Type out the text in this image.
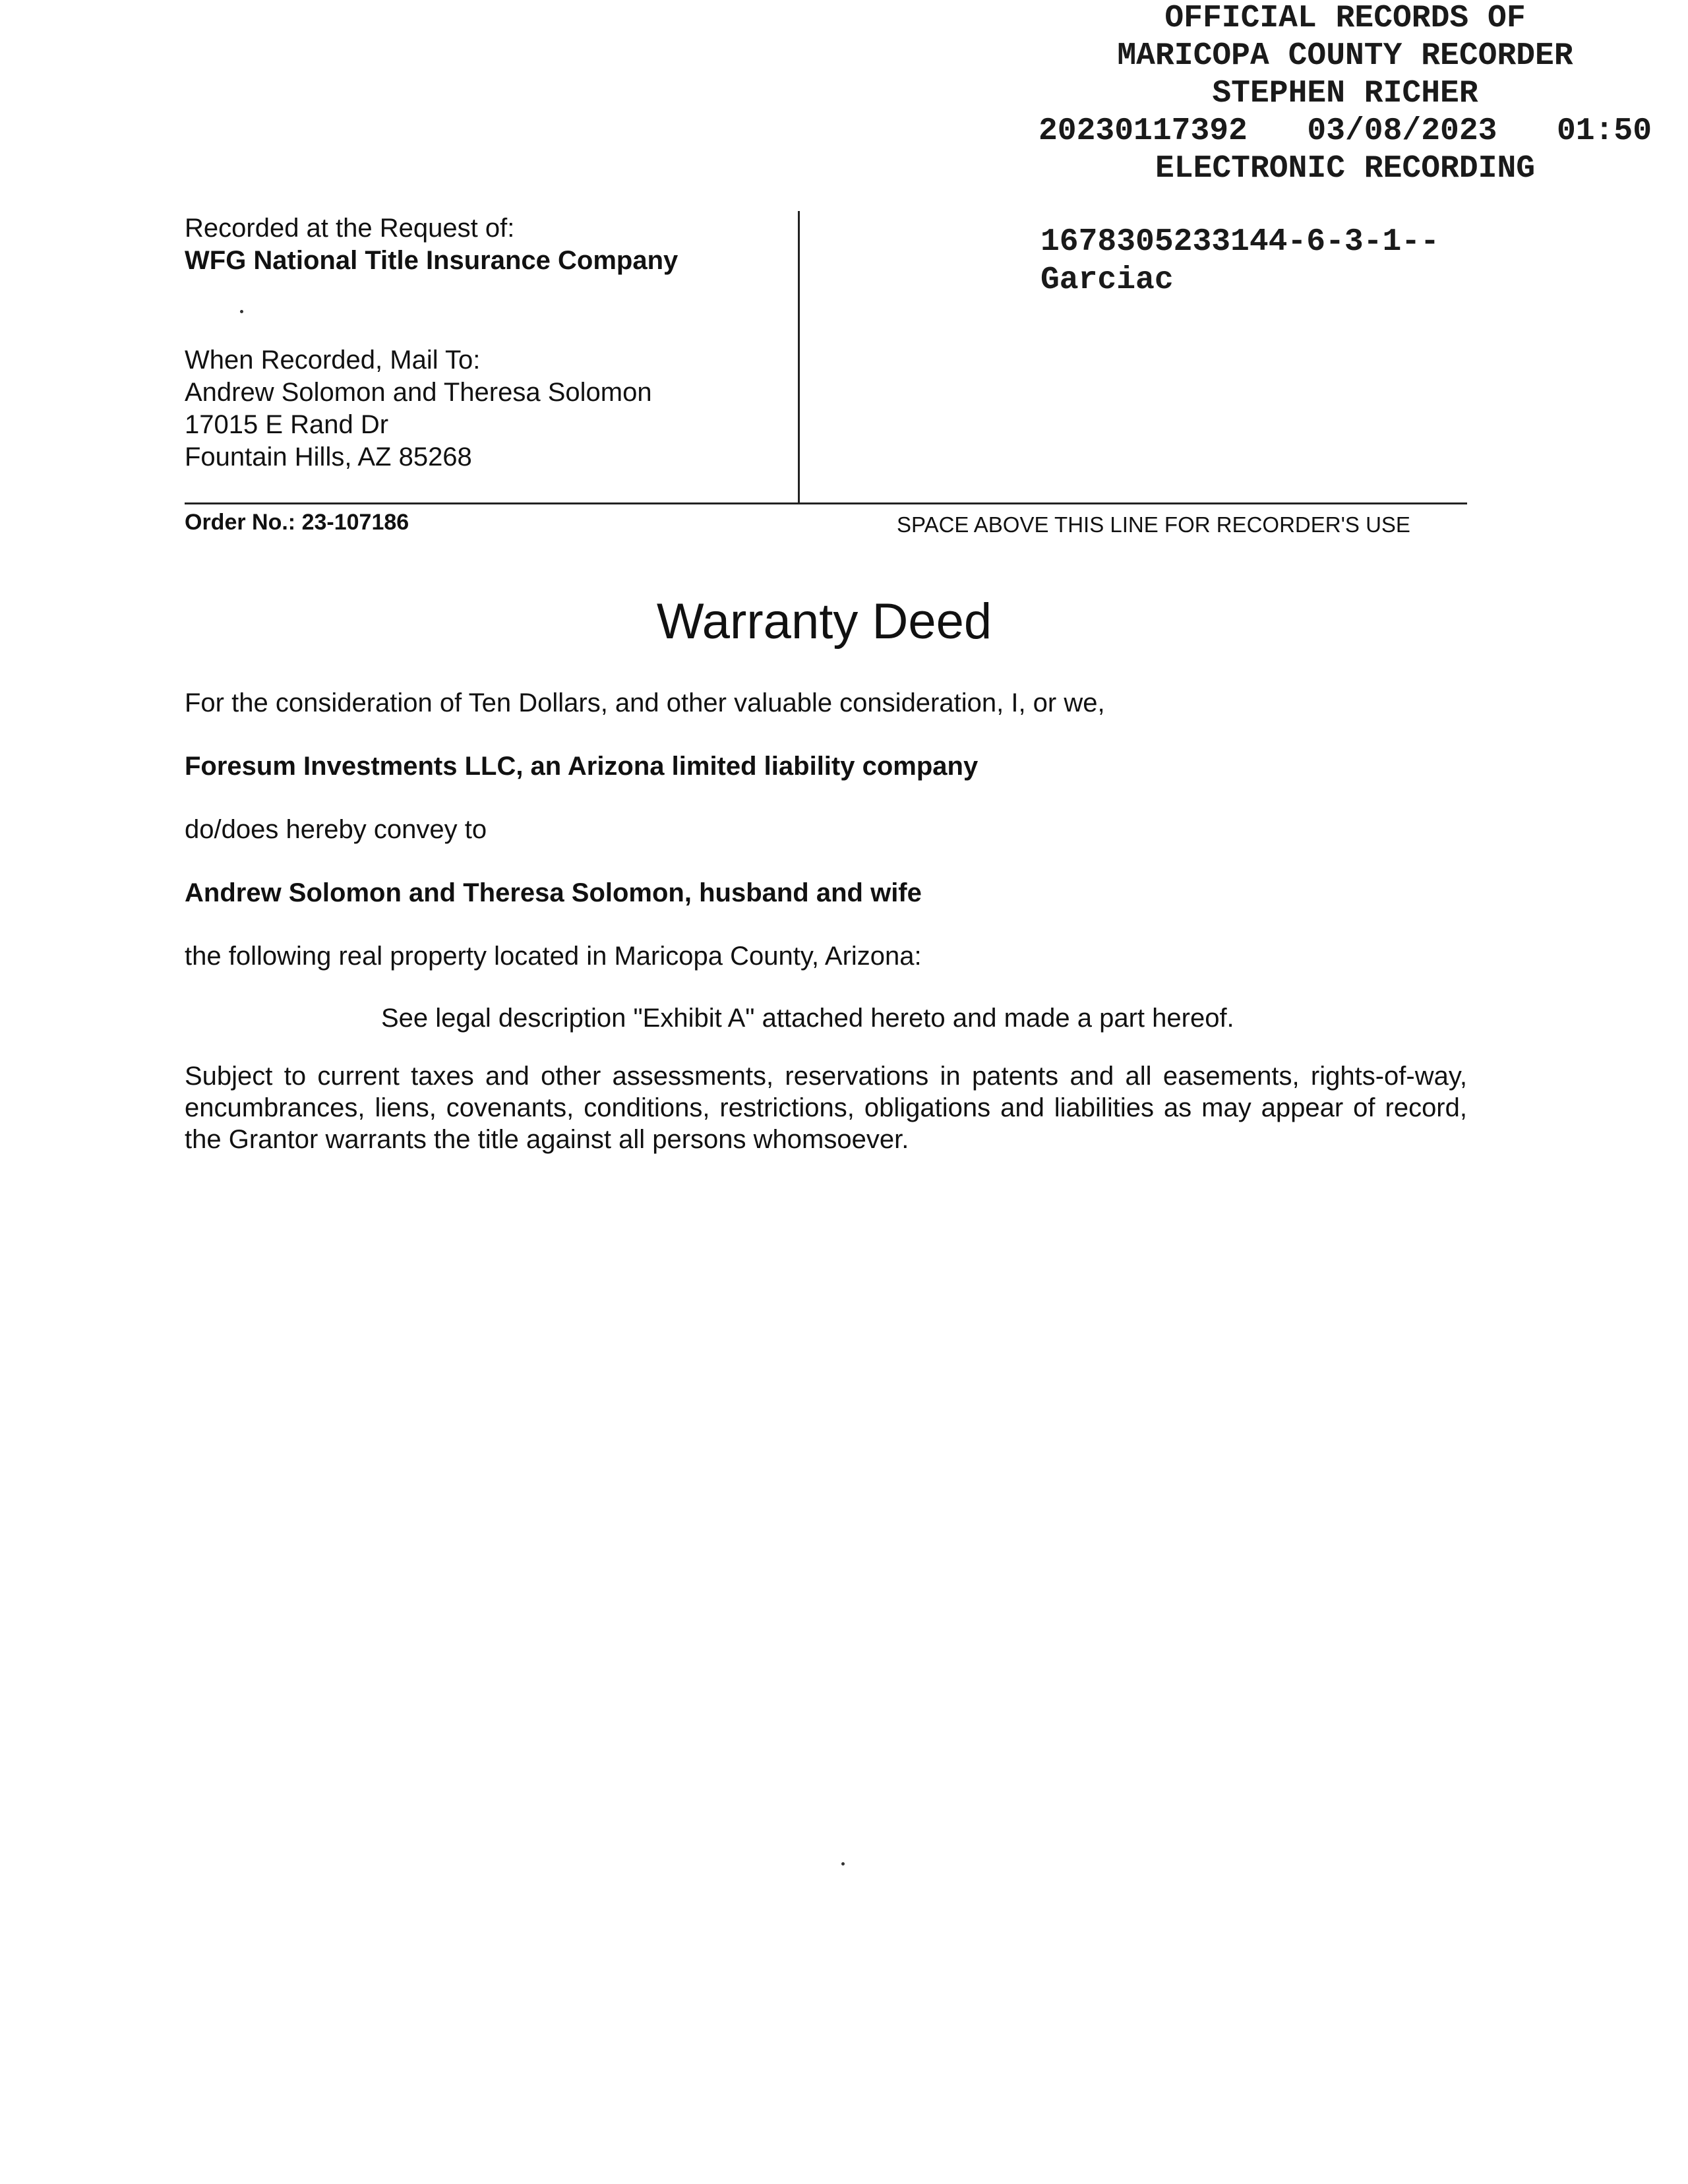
OFFICIAL RECORDS OF
MARICOPA COUNTY RECORDER
STEPHEN RICHER
20230117392 03/08/2023 01:50
ELECTRONIC RECORDING
1678305233144-6-3-1--
Garciac
Recorded at the Request of:
WFG National Title Insurance Company
When Recorded, Mail To:
Andrew Solomon and Theresa Solomon
17015 E Rand Dr
Fountain Hills, AZ 85268
Order No.: 23-107186	SPACE ABOVE THIS LINE FOR RECORDER'S USE
Warranty Deed
For the consideration of Ten Dollars, and other valuable consideration, I, or we,
Foresum Investments LLC, an Arizona limited liability company
do/does hereby convey to
Andrew Solomon and Theresa Solomon, husband and wife
the following real property located in Maricopa County, Arizona:
See legal description "Exhibit A" attached hereto and made a part hereof.
Subject to current taxes and other assessments, reservations in patents and all easements, rights-of-way, encumbrances, liens, covenants, conditions, restrictions, obligations and liabilities as may appear of record, the Grantor warrants the title against all persons whomsoever.
